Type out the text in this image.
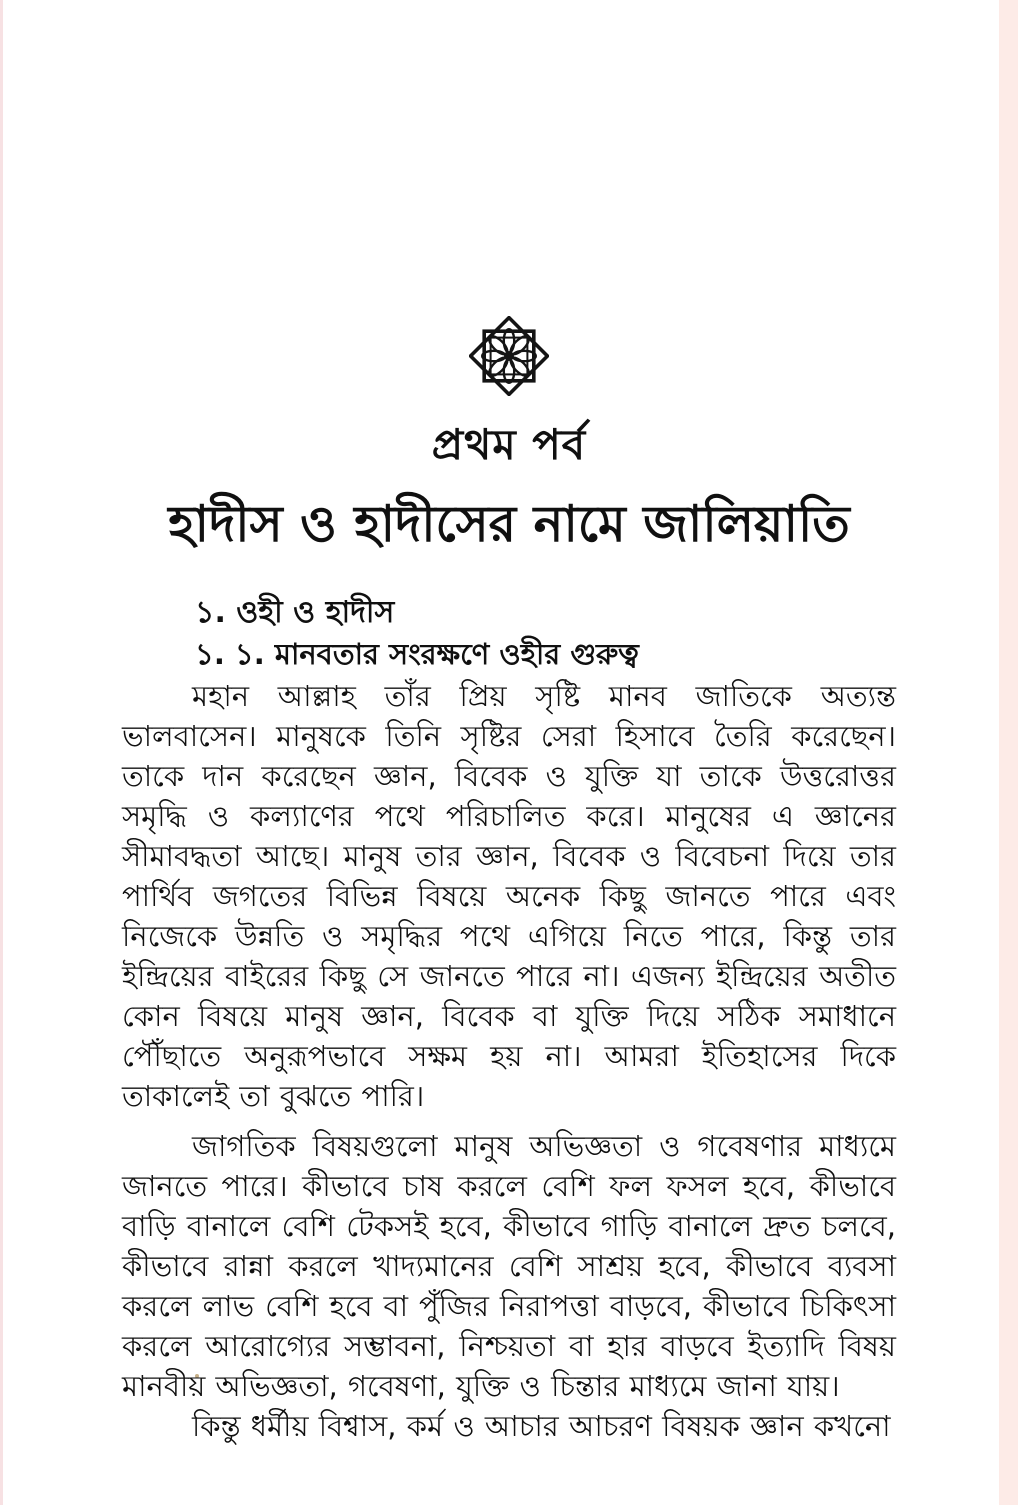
প্রথম পর্ব
হাদীস ও হাদীসের নামে জালিয়াতি
১. ওহী ও হাদীস
১. ১. মানবতার সংরক্ষণে ওহীর গুরুত্ব

মহান আল্লাহ তাঁর প্রিয় সৃষ্টি মানব জাতিকে অত্যন্ত ভালবাসেন। মানুষকে তিনি সৃষ্টির সেরা হিসাবে তৈরি করেছেন। তাকে দান করেছেন জ্ঞান, বিবেক ও যুক্তি যা তাকে উত্তরোত্তর সমৃদ্ধি ও কল্যাণের পথে পরিচালিত করে। মানুষের এ জ্ঞানের সীমাবদ্ধতা আছে। মানুষ তার জ্ঞান, বিবেক ও বিবেচনা দিয়ে তার পার্থিব জগতের বিভিন্ন বিষয়ে অনেক কিছু জানতে পারে এবং নিজেকে উন্নতি ও সমৃদ্ধির পথে এগিয়ে নিতে পারে, কিন্তু তার ইন্দ্রিয়ের বাইরের কিছু সে জানতে পারে না। এজন্য ইন্দ্রিয়ের অতীত কোন বিষয়ে মানুষ জ্ঞান, বিবেক বা যুক্তি দিয়ে সঠিক সমাধানে পৌঁছাতে অনুরূপভাবে সক্ষম হয় না। আমরা ইতিহাসের দিকে তাকালেই তা বুঝতে পারি।

জাগতিক বিষয়গুলো মানুষ অভিজ্ঞতা ও গবেষণার মাধ্যমে জানতে পারে। কীভাবে চাষ করলে বেশি ফল ফসল হবে, কীভাবে বাড়ি বানালে বেশি টেকসই হবে, কীভাবে গাড়ি বানালে দ্রুত চলবে, কীভাবে রান্না করলে খাদ্যমানের বেশি সাশ্রয় হবে, কীভাবে ব্যবসা করলে লাভ বেশি হবে বা পুঁজির নিরাপত্তা বাড়বে, কীভাবে চিকিৎসা করলে আরোগ্যের সম্ভাবনা, নিশ্চয়তা বা হার বাড়বে ইত্যাদি বিষয় মানবীয় অভিজ্ঞতা, গবেষণা, যুক্তি ও চিন্তার মাধ্যমে জানা যায়।

কিন্তু ধর্মীয় বিশ্বাস, কর্ম ও আচার আচরণ বিষয়ক জ্ঞান কখনো
